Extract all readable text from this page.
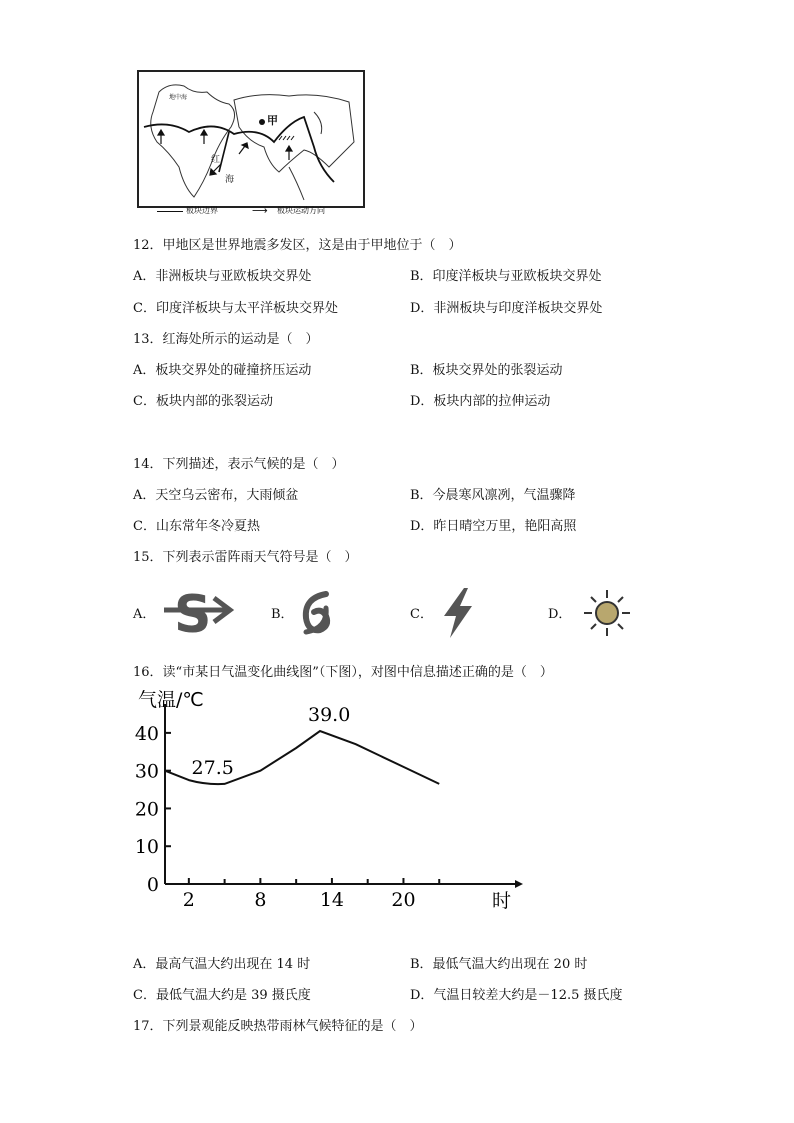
甲
红
海
地中海
板块边界	⟶ 板块运动方向
12．甲地区是世界地震多发区，这是由于甲地位于（　）
A．非洲板块与亚欧板块交界处	B．印度洋板块与亚欧板块交界处
C．印度洋板块与太平洋板块交界处	D．非洲板块与印度洋板块交界处
13．红海处所示的运动是（　）
A．板块交界处的碰撞挤压运动	B．板块交界处的张裂运动
C．板块内部的张裂运动	D．板块内部的拉伸运动
14．下列描述，表示气候的是（　）
A．天空乌云密布，大雨倾盆	B．今晨寒风凛冽，气温骤降
C．山东常年冬冷夏热	D．昨日晴空万里，艳阳高照
15．下列表示雷阵雨天气符号是（　）
A． S	B．	C．	D．
16．读“市某日气温变化曲线图”（下图），对图中信息描述正确的是（　）
气温/℃
时
0
10
20
30
40
2	8	14 20
39.0
27.5
A．最高气温大约出现在 14 时	B．最低气温大约出现在 20 时
C．最低气温大约是 39 摄氏度	D．气温日较差大约是－12.5 摄氏度
17．下列景观能反映热带雨林气候特征的是（　）
